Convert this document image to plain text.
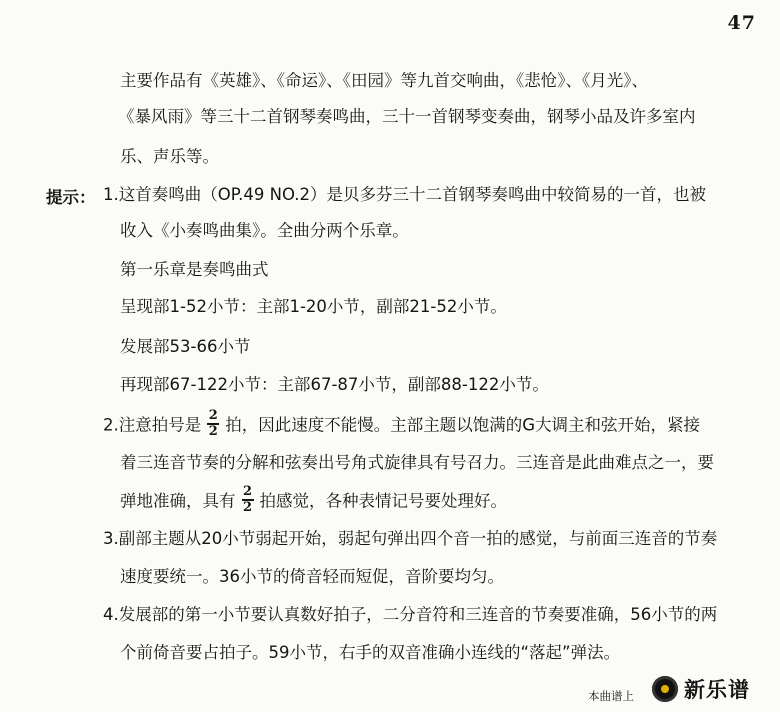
47
主要作品有《英雄》、《命运》、《田园》等九首交响曲，《悲怆》、《月光》、
《暴风雨》等三十二首钢琴奏鸣曲，三十一首钢琴变奏曲，钢琴小品及许多室内
乐、声乐等。
提示： 1.这首奏鸣曲（OP.49 NO.2）是贝多芬三十二首钢琴奏鸣曲中较简易的一首，也被
收入《小奏鸣曲集》。全曲分两个乐章。
第一乐章是奏鸣曲式
呈现部1-52小节：主部1-20小节，副部21-52小节。
发展部53-66小节
再现部67-122小节：主部67-87小节，副部88-122小节。
2.注意拍号是 $\frac{2}{2}$ 拍，因此速度不能慢。主部主题以饱满的G大调主和弦开始，紧接
着三连音节奏的分解和弦奏出号角式旋律具有号召力。三连音是此曲难点之一，要
弹地准确，具有 $\frac{2}{2}$ 拍感觉，各种表情记号要处理好。
3.副部主题从20小节弱起开始，弱起句弹出四个音一拍的感觉，与前面三连音的节奏
速度要统一。36小节的倚音轻而短促，音阶要均匀。
4.发展部的第一小节要认真数好拍子，二分音符和三连音的节奏要准确，56小节的两
个前倚音要占拍子。59小节，右手的双音准确小连线的“落起”弹法。
本曲谱上 新乐谱
